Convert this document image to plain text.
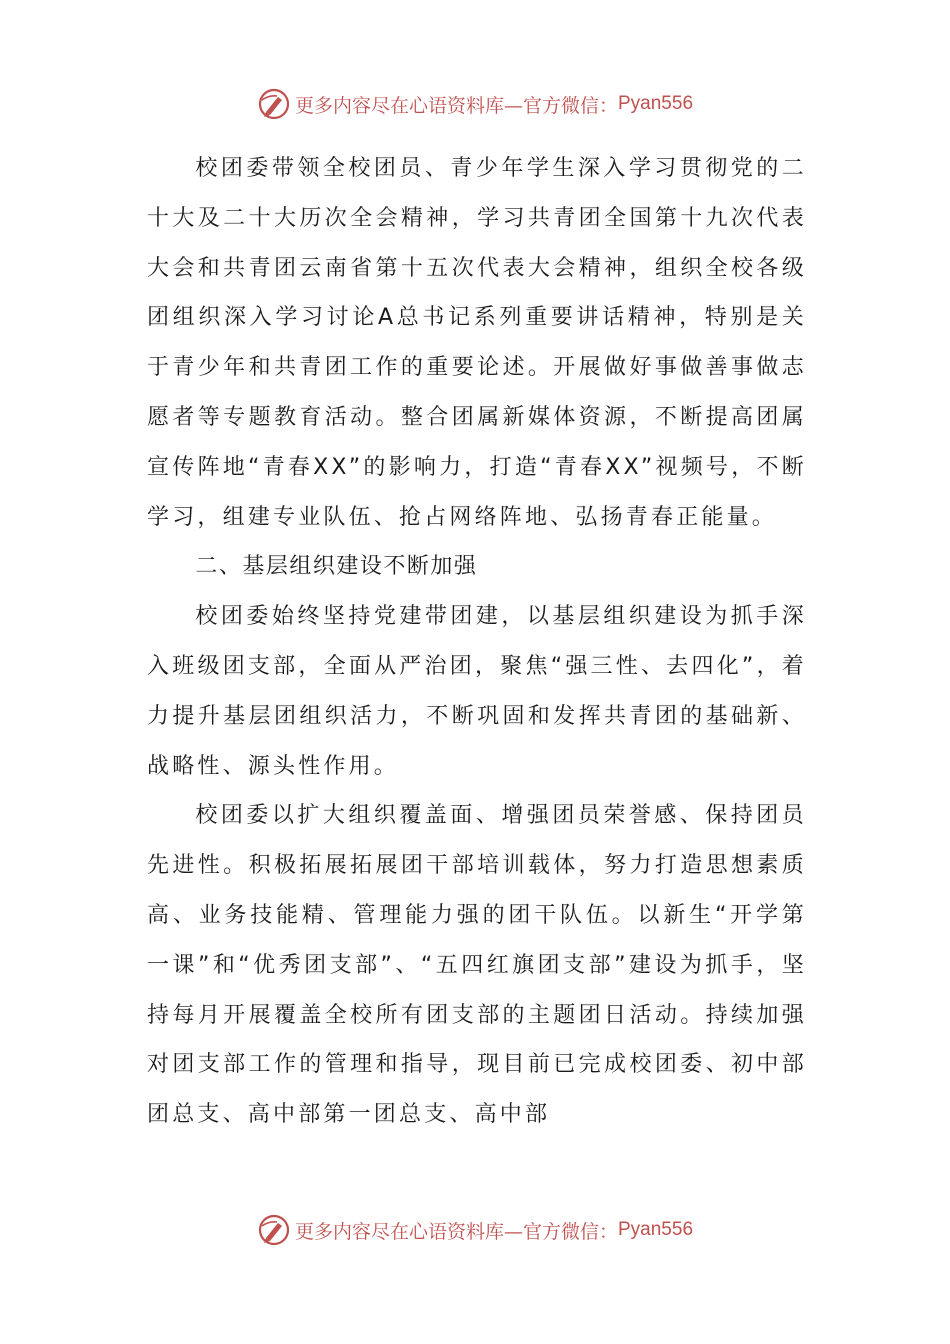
更多内容尽在心语资料库—官方微信： Pyan556

校团委带领全校团员、青少年学生深入学习贯彻党的二十大及二十大历次全会精神，学习共青团全国第十九次代表大会和共青团云南省第十五次代表大会精神，组织全校各级团组织深入学习讨论A总书记系列重要讲话精神，特别是关于青少年和共青团工作的重要论述。开展做好事做善事做志愿者等专题教育活动。整合团属新媒体资源，不断提高团属宣传阵地“青春XX”的影响力，打造“青春XX”视频号，不断学习，组建专业队伍、抢占网络阵地、弘扬青春正能量。

二、基层组织建设不断加强

校团委始终坚持党建带团建，以基层组织建设为抓手深入班级团支部，全面从严治团，聚焦“强三性、去四化”，着力提升基层团组织活力，不断巩固和发挥共青团的基础新、战略性、源头性作用。

校团委以扩大组织覆盖面、增强团员荣誉感、保持团员先进性。积极拓展拓展团干部培训载体，努力打造思想素质高、业务技能精、管理能力强的团干队伍。以新生“开学第一课”和“优秀团支部”、“五四红旗团支部”建设为抓手，坚持每月开展覆盖全校所有团支部的主题团日活动。持续加强对团支部工作的管理和指导，现目前已完成校团委、初中部团总支、高中部第一团总支、高中部

更多内容尽在心语资料库—官方微信： Pyan556
